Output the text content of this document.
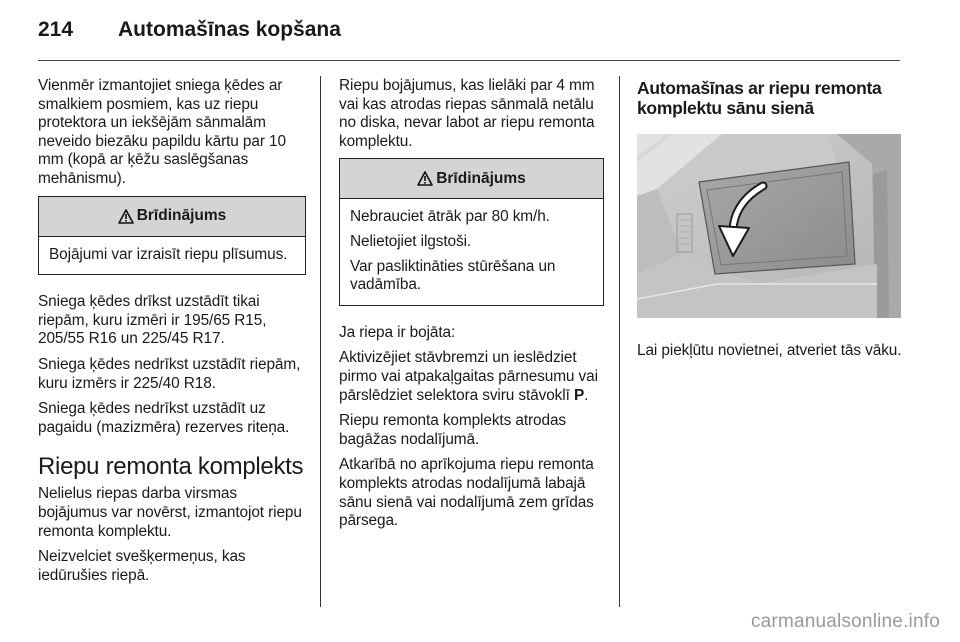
214	Automašīnas kopšana

Vienmēr izmantojiet sniega ķēdes ar smalkiem posmiem, kas uz riepu protektora un iekšējām sānmalām neveido biezāku papildu kārtu par 10 mm (kopā ar ķēžu saslēgšanas mehānismu).

Brīdinājums

Bojājumi var izraisīt riepu plīsumus.

Sniega ķēdes drīkst uzstādīt tikai riepām, kuru izmēri ir 195/65 R15, 205/55 R16 un 225/45 R17.

Sniega ķēdes nedrīkst uzstādīt riepām, kuru izmērs ir 225/40 R18.

Sniega ķēdes nedrīkst uzstādīt uz pagaidu (mazizmēra) rezerves riteņa.

Riepu remonta komplekts

Nelielus riepas darba virsmas bojājumus var novērst, izmantojot riepu remonta komplektu.

Neizvelciet svešķermeņus, kas iedūrušies riepā.

Riepu bojājumus, kas lielāki par 4 mm vai kas atrodas riepas sānmalā netālu no diska, nevar labot ar riepu remonta komplektu.

Brīdinājums

Nebrauciet ātrāk par 80 km/h.

Nelietojiet ilgstoši.

Var pasliktināties stūrēšana un vadāmība.

Ja riepa ir bojāta:

Aktivizējiet stāvbremzi un ieslēdziet pirmo vai atpakaļgaitas pārnesumu vai pārslēdziet selektora sviru stāvoklī P.

Riepu remonta komplekts atrodas bagāžas nodalījumā.

Atkarībā no aprīkojuma riepu remonta komplekts atrodas nodalījumā labajā sānu sienā vai nodalījumā zem grīdas pārsega.

Automašīnas ar riepu remonta komplektu sānu sienā

Lai piekļūtu novietnei, atveriet tās vāku.

carmanualsonline.info
